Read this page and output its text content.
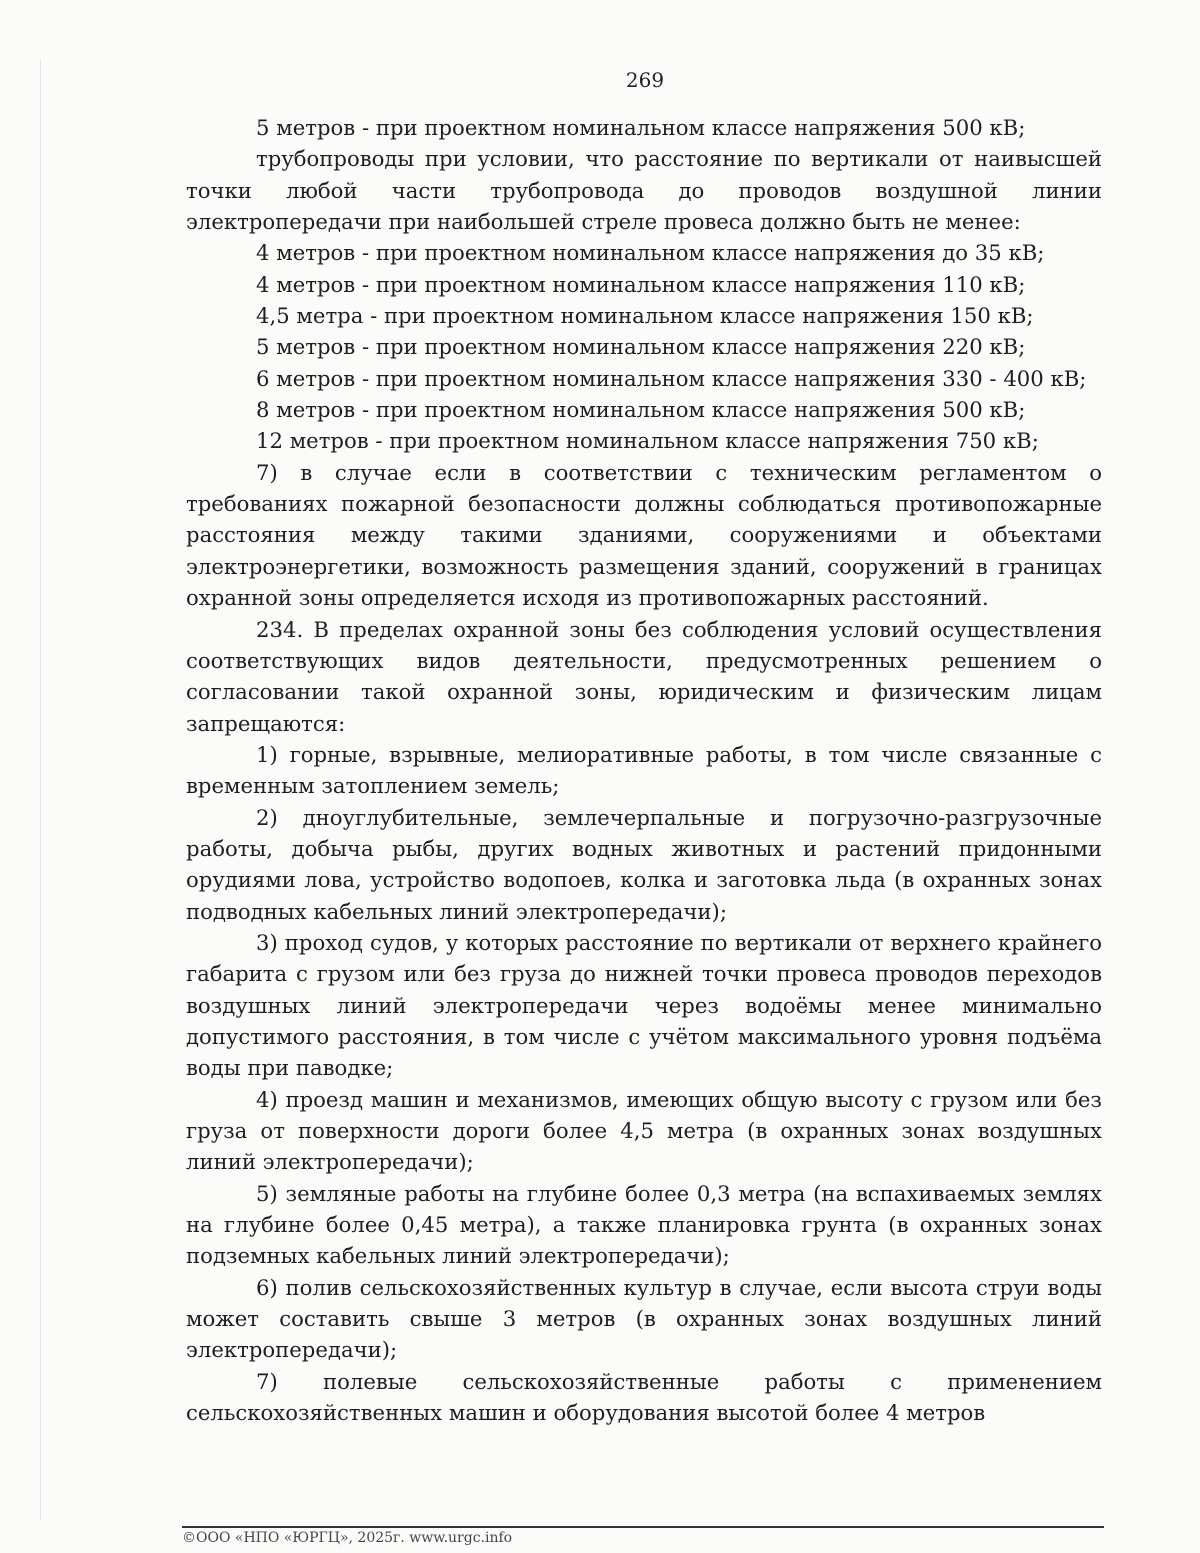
269

5 метров - при проектном номинальном классе напряжения 500 кВ;

трубопроводы при условии, что расстояние по вертикали от наивысшей точки любой части трубопровода до проводов воздушной линии электропередачи при наибольшей стреле провеса должно быть не менее:

4 метров - при проектном номинальном классе напряжения до 35 кВ;

4 метров - при проектном номинальном классе напряжения 110 кВ;

4,5 метра - при проектном номинальном классе напряжения 150 кВ;

5 метров - при проектном номинальном классе напряжения 220 кВ;

6 метров - при проектном номинальном классе напряжения 330 - 400 кВ;

8 метров - при проектном номинальном классе напряжения 500 кВ;

12 метров - при проектном номинальном классе напряжения 750 кВ;

7) в случае если в соответствии с техническим регламентом о требованиях пожарной безопасности должны соблюдаться противопожарные расстояния между такими зданиями, сооружениями и объектами электроэнергетики, возможность размещения зданий, сооружений в границах охранной зоны определяется исходя из противопожарных расстояний.

234. В пределах охранной зоны без соблюдения условий осуществления соответствующих видов деятельности, предусмотренных решением о согласовании такой охранной зоны, юридическим и физическим лицам запрещаются:

1) горные, взрывные, мелиоративные работы, в том числе связанные с временным затоплением земель;

2) дноуглубительные, землечерпальные и погрузочно-разгрузочные работы, добыча рыбы, других водных животных и растений придонными орудиями лова, устройство водопоев, колка и заготовка льда (в охранных зонах подводных кабельных линий электропередачи);

3) проход судов, у которых расстояние по вертикали от верхнего крайнего габарита с грузом или без груза до нижней точки провеса проводов переходов воздушных линий электропередачи через водоёмы менее минимально допустимого расстояния, в том числе с учётом максимального уровня подъёма воды при паводке;

4) проезд машин и механизмов, имеющих общую высоту с грузом или без груза от поверхности дороги более 4,5 метра (в охранных зонах воздушных линий электропередачи);

5) земляные работы на глубине более 0,3 метра (на вспахиваемых землях на глубине более 0,45 метра), а также планировка грунта (в охранных зонах подземных кабельных линий электропередачи);

6) полив сельскохозяйственных культур в случае, если высота струи воды может составить свыше 3 метров (в охранных зонах воздушных линий электропередачи);

7) полевые сельскохозяйственные работы с применением сельскохозяйственных машин и оборудования высотой более 4 метров

©ООО «НПО «ЮРГЦ», 2025г. www.urgc.info
